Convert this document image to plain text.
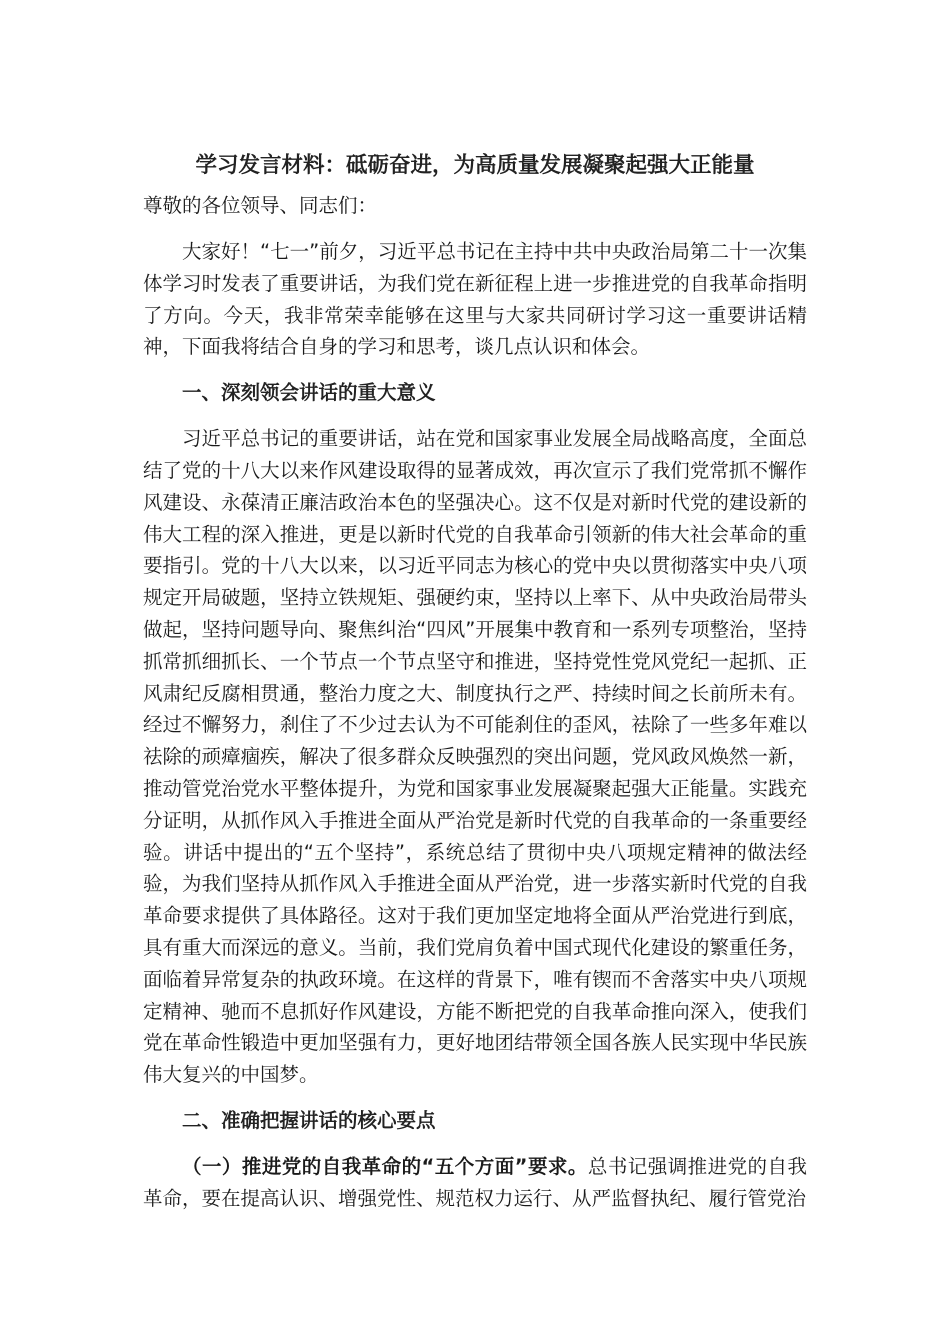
学习发言材料：砥砺奋进，为高质量发展凝聚起强大正能量
尊敬的各位领导、同志们：

大家好！“七一”前夕，习近平总书记在主持中共中央政治局第二十一次集体学习时发表了重要讲话，为我们党在新征程上进一步推进党的自我革命指明了方向。今天，我非常荣幸能够在这里与大家共同研讨学习这一重要讲话精神，下面我将结合自身的学习和思考，谈几点认识和体会。

一、深刻领会讲话的重大意义

习近平总书记的重要讲话，站在党和国家事业发展全局战略高度，全面总结了党的十八大以来作风建设取得的显著成效，再次宣示了我们党常抓不懈作风建设、永葆清正廉洁政治本色的坚强决心。这不仅是对新时代党的建设新的伟大工程的深入推进，更是以新时代党的自我革命引领新的伟大社会革命的重要指引。党的十八大以来，以习近平同志为核心的党中央以贯彻落实中央八项规定开局破题，坚持立铁规矩、强硬约束，坚持以上率下、从中央政治局带头做起，坚持问题导向、聚焦纠治“四风”开展集中教育和一系列专项整治，坚持抓常抓细抓长、一个节点一个节点坚守和推进，坚持党性党风党纪一起抓、正风肃纪反腐相贯通，整治力度之大、制度执行之严、持续时间之长前所未有。经过不懈努力，刹住了不少过去认为不可能刹住的歪风，祛除了一些多年难以祛除的顽瘴痼疾，解决了很多群众反映强烈的突出问题，党风政风焕然一新，推动管党治党水平整体提升，为党和国家事业发展凝聚起强大正能量。实践充分证明，从抓作风入手推进全面从严治党是新时代党的自我革命的一条重要经验。讲话中提出的“五个坚持”，系统总结了贯彻中央八项规定精神的做法经验，为我们坚持从抓作风入手推进全面从严治党，进一步落实新时代党的自我革命要求提供了具体路径。这对于我们更加坚定地将全面从严治党进行到底，具有重大而深远的意义。当前，我们党肩负着中国式现代化建设的繁重任务，面临着异常复杂的执政环境。在这样的背景下，唯有锲而不舍落实中央八项规定精神、驰而不息抓好作风建设，方能不断把党的自我革命推向深入，使我们党在革命性锻造中更加坚强有力，更好地团结带领全国各族人民实现中华民族伟大复兴的中国梦。

二、准确把握讲话的核心要点

（一）推进党的自我革命的“五个方面”要求。总书记强调推进党的自我革命，要在提高认识、增强党性、规范权力运行、从严监督执纪、履行管党治
